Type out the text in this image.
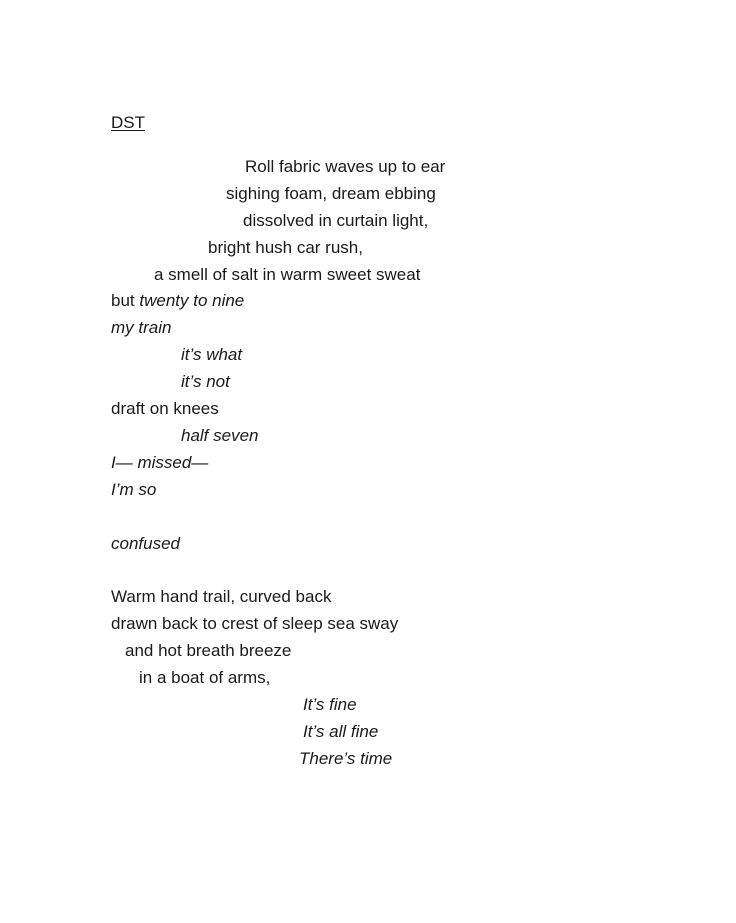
DST
Roll fabric waves up to ear
sighing foam, dream ebbing
dissolved in curtain light,
bright hush car rush,
a smell of salt in warm sweet sweat
but twenty to nine
my train
it’s what
it’s not
draft on knees
half seven
I— missed—
I’m so

confused

Warm hand trail, curved back
drawn back to crest of sleep sea sway
and hot breath breeze
in a boat of arms,
It’s fine
It’s all fine
There’s time
